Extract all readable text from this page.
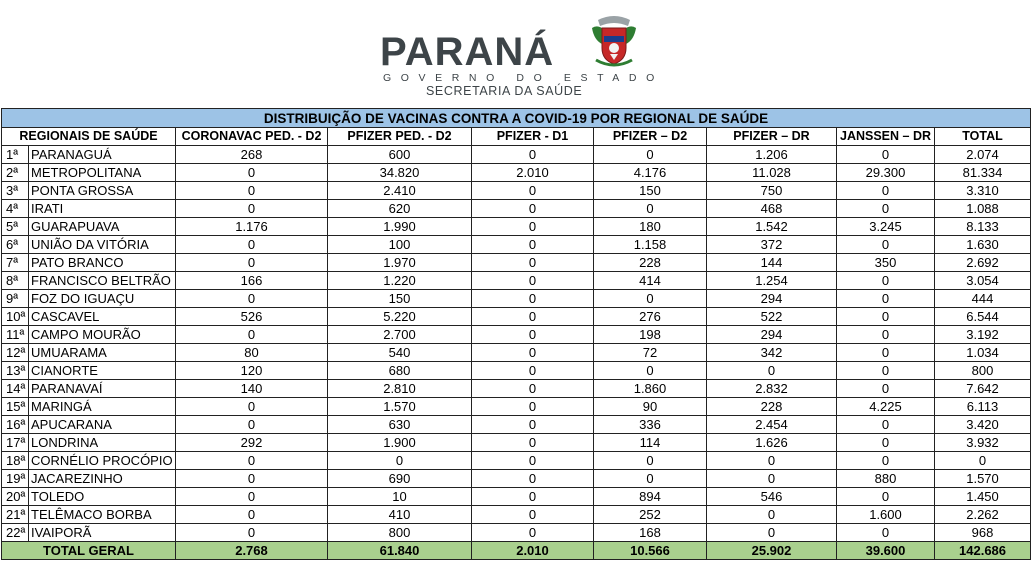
PARANÁ
GOVERNO DO ESTADO
SECRETARIA DA SAÚDE
DISTRIBUIÇÃO DE VACINAS CONTRA A COVID-19 POR REGIONAL DE SAÚDE								
REGIONAIS DE SAÚDE		CORONAVAC PED. - D2	PFIZER PED. - D2	PFIZER - D1	PFIZER – D2	PFIZER – DR	JANSSEN – DR	TOTAL
1ª	PARANAGUÁ	268	600	0	0	1.206	0	2.074
2ª	METROPOLITANA	0	34.820	2.010	4.176	11.028	29.300	81.334
3ª	PONTA GROSSA	0	2.410	0	150	750	0	3.310
4ª	IRATI	0	620	0	0	468	0	1.088
5ª	GUARAPUAVA	1.176	1.990	0	180	1.542	3.245	8.133
6ª	UNIÃO DA VITÓRIA	0	100	0	1.158	372	0	1.630
7ª	PATO BRANCO	0	1.970	0	228	144	350	2.692
8ª	FRANCISCO BELTRÃO	166	1.220	0	414	1.254	0	3.054
9ª	FOZ DO IGUAÇU	0	150	0	0	294	0	444
10ª	CASCAVEL	526	5.220	0	276	522	0	6.544
11ª	CAMPO MOURÃO	0	2.700	0	198	294	0	3.192
12ª	UMUARAMA	80	540	0	72	342	0	1.034
13ª	CIANORTE	120	680	0	0	0	0	800
14ª	PARANAVAÍ	140	2.810	0	1.860	2.832	0	7.642
15ª	MARINGÁ	0	1.570	0	90	228	4.225	6.113
16ª	APUCARANA	0	630	0	336	2.454	0	3.420
17ª	LONDRINA	292	1.900	0	114	1.626	0	3.932
18ª	CORNÉLIO PROCÓPIO	0	0	0	0	0	0	0
19ª	JACAREZINHO	0	690	0	0	0	880	1.570
20ª	TOLEDO	0	10	0	894	546	0	1.450
21ª	TELÊMACO BORBA	0	410	0	252	0	1.600	2.262
22ª	IVAIPORÃ	0	800	0	168	0	0	968
TOTAL GERAL		2.768	61.840	2.010	10.566	25.902	39.600	142.686
